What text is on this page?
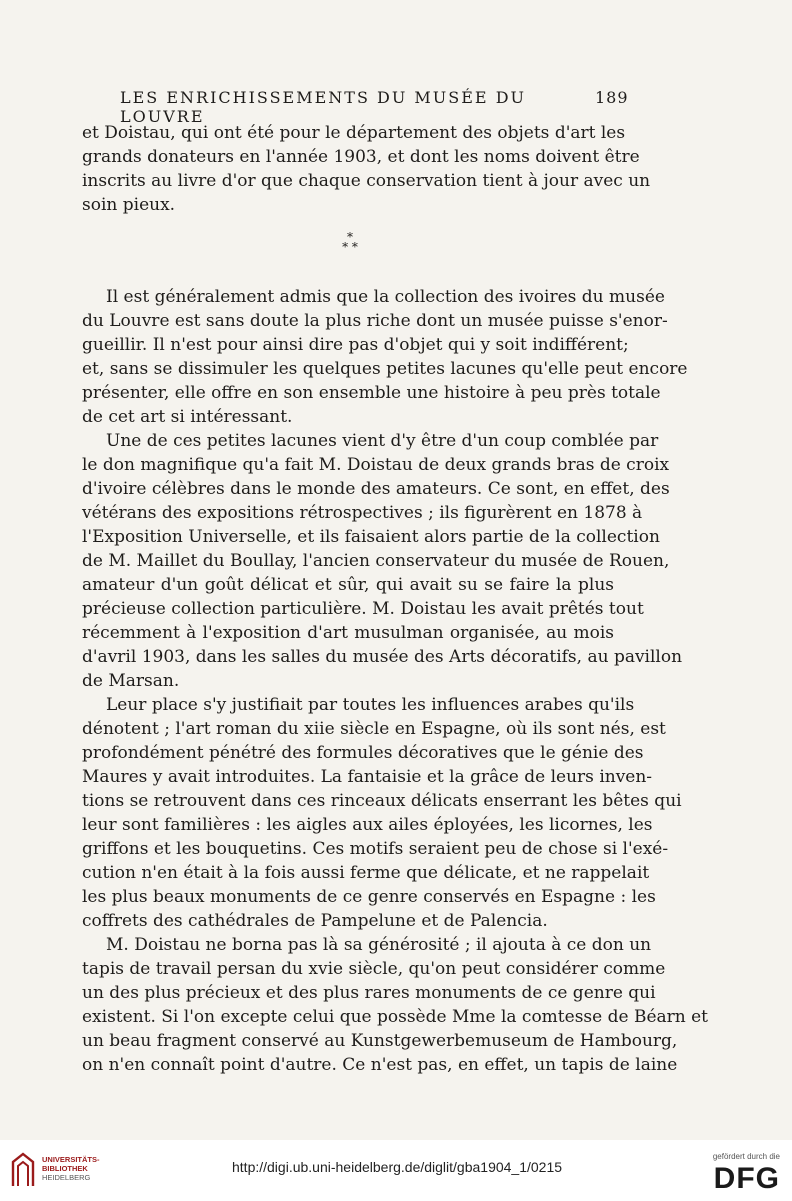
LES ENRICHISSEMENTS DU MUSÉE DU LOUVRE
189
et Doistau, qui ont été pour le département des objets d'art les
grands donateurs en l'année 1903, et dont les noms doivent être
inscrits au livre d'or que chaque conservation tient à jour avec un
soin pieux.
*
* *
Il est généralement admis que la collection des ivoires du musée
du Louvre est sans doute la plus riche dont un musée puisse s'enor-
gueillir. Il n'est pour ainsi dire pas d'objet qui y soit indifférent;
et, sans se dissimuler les quelques petites lacunes qu'elle peut encore
présenter, elle offre en son ensemble une histoire à peu près totale
de cet art si intéressant.
Une de ces petites lacunes vient d'y être d'un coup comblée par
le don magnifique qu'a fait M. Doistau de deux grands bras de croix
d'ivoire célèbres dans le monde des amateurs. Ce sont, en effet, des
vétérans des expositions rétrospectives ; ils figurèrent en 1878 à
l'Exposition Universelle, et ils faisaient alors partie de la collection
de M. Maillet du Boullay, l'ancien conservateur du musée de Rouen,
amateur d'un goût délicat et sûr, qui avait su se faire la plus
précieuse collection particulière. M. Doistau les avait prêtés tout
récemment à l'exposition d'art musulman organisée, au mois
d'avril 1903, dans les salles du musée des Arts décoratifs, au pavillon
de Marsan.
Leur place s'y justifiait par toutes les influences arabes qu'ils
dénotent ; l'art roman du xiie siècle en Espagne, où ils sont nés, est
profondément pénétré des formules décoratives que le génie des
Maures y avait introduites. La fantaisie et la grâce de leurs inven-
tions se retrouvent dans ces rinceaux délicats enserrant les bêtes qui
leur sont familières : les aigles aux ailes éployées, les licornes, les
griffons et les bouquetins. Ces motifs seraient peu de chose si l'exé-
cution n'en était à la fois aussi ferme que délicate, et ne rappelait
les plus beaux monuments de ce genre conservés en Espagne : les
coffrets des cathédrales de Pampelune et de Palencia.
M. Doistau ne borna pas là sa générosité ; il ajouta à ce don un
tapis de travail persan du xvie siècle, qu'on peut considérer comme
un des plus précieux et des plus rares monuments de ce genre qui
existent. Si l'on excepte celui que possède Mme la comtesse de Béarn et
un beau fragment conservé au Kunstgewerbemuseum de Hambourg,
on n'en connaît point d'autre. Ce n'est pas, en effet, un tapis de laine
UNIVERSITÄTS-
BIBLIOTHEK
HEIDELBERG
http://digi.ub.uni-heidelberg.de/diglit/gba1904_1/0215
gefördert durch die
DFG
